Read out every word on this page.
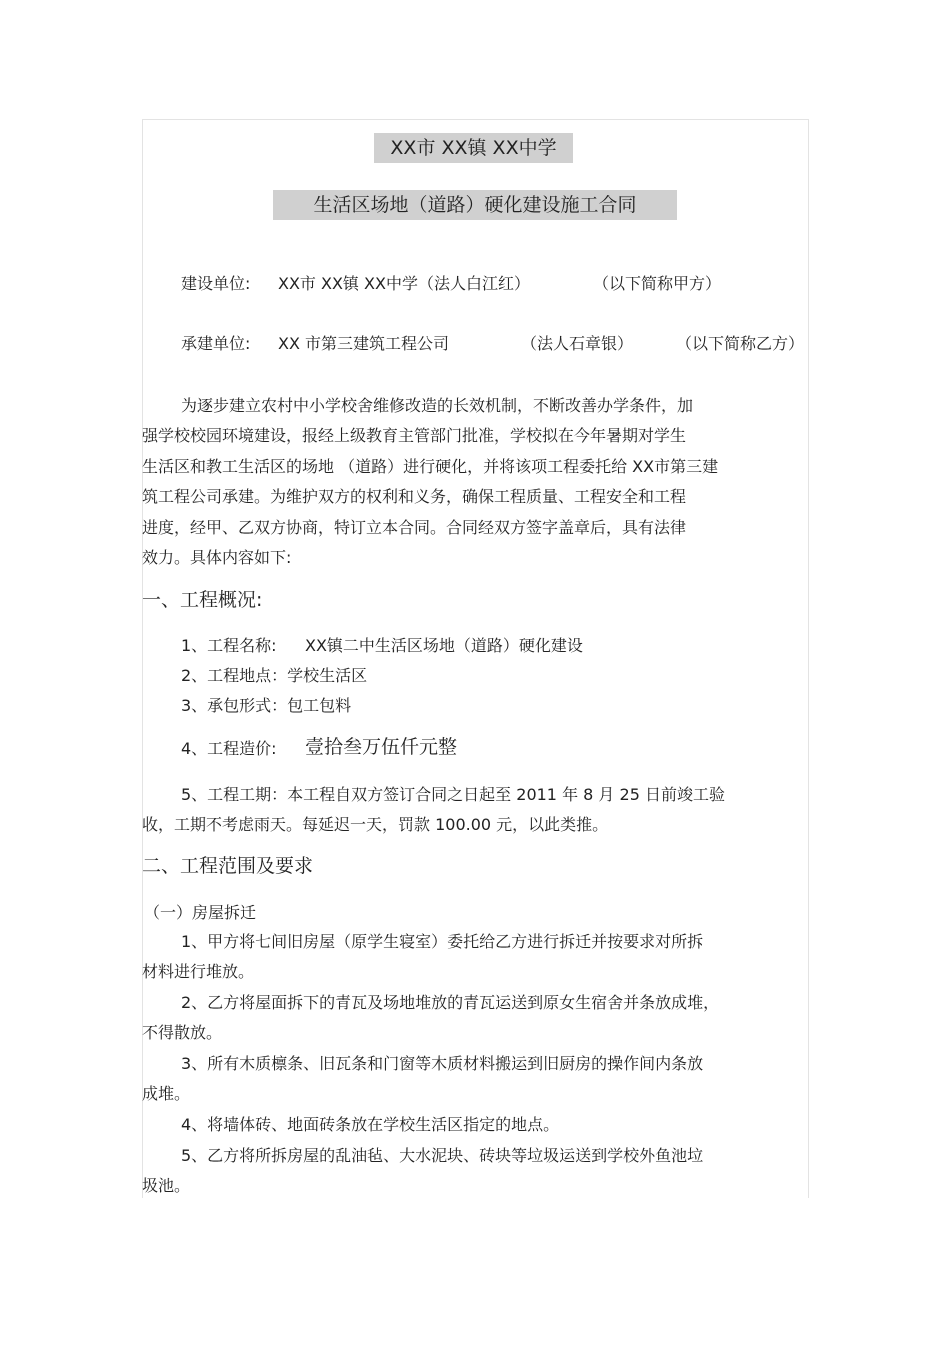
XX市 XX镇 XX中学
生活区场地（道路）硬化建设施工合同
建设单位: XX市 XX镇 XX中学（法人白江红）	（以下简称甲方）
承建单位: XX 市第三建筑工程公司	（法人石章银）	（以下简称乙方）
为逐步建立农村中小学校舍维修改造的长效机制，不断改善办学条件，加
强学校校园环境建设，报经上级教育主管部门批准，学校拟在今年暑期对学生
生活区和教工生活区的场地 （道路）进行硬化，并将该项工程委托给 XX市第三建
筑工程公司承建。为维护双方的权利和义务，确保工程质量、工程安全和工程
进度，经甲、乙双方协商，特订立本合同。合同经双方签字盖章后，具有法律
效力。具体内容如下:
一、工程概况:
1、工程名称: XX镇二中生活区场地（道路）硬化建设
2、工程地点：学校生活区
3、承包形式：包工包料
4、工程造价: 壹拾叁万伍仟元整
5、工程工期：本工程自双方签订合同之日起至 2011 年 8 月 25 日前竣工验
收，工期不考虑雨天。每延迟一天，罚款 100.00 元，以此类推。
二、工程范围及要求
（一）房屋拆迁
1、甲方将七间旧房屋（原学生寝室）委托给乙方进行拆迁并按要求对所拆
材料进行堆放。
2、乙方将屋面拆下的青瓦及场地堆放的青瓦运送到原女生宿舍并条放成堆，
不得散放。
3、所有木质檩条、旧瓦条和门窗等木质材料搬运到旧厨房的操作间内条放
成堆。
4、将墙体砖、地面砖条放在学校生活区指定的地点。
5、乙方将所拆房屋的乱油毡、大水泥块、砖块等垃圾运送到学校外鱼池垃
圾池。
